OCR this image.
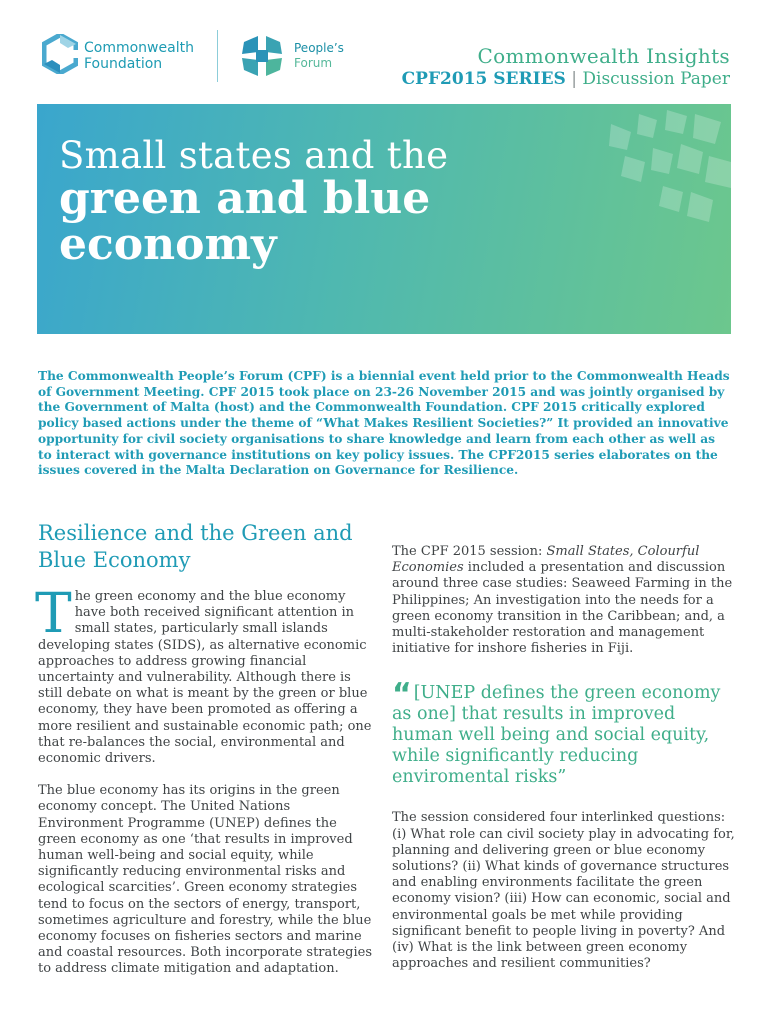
Commonwealth
Foundation
People’s
Forum	Commonwealth Insights
CPF2015 SERIES | Discussion Paper
Small states and the
green and blue
economy
The Commonwealth People’s Forum (CPF) is a biennial event held prior to the Commonwealth Heads of Government Meeting. CPF 2015 took place on 23-26 November 2015 and was jointly organised by the Government of Malta (host) and the Commonwealth Foundation. CPF 2015 critically explored policy based actions under the theme of “What Makes Resilient Societies?” It provided an innovative opportunity for civil society organisations to share knowledge and learn from each other as well as to interact with governance institutions on key policy issues. The CPF2015 series elaborates on the issues covered in the Malta Declaration on Governance for Resilience.
Resilience and the Green and Blue Economy

The green economy and the blue economy have both received significant attention in small states, particularly small islands developing states (SIDS), as alternative economic approaches to address growing financial uncertainty and vulnerability. Although there is still debate on what is meant by the green or blue economy, they have been promoted as offering a more resilient and sustainable economic path; one that re-balances the social, environmental and economic drivers.

The blue economy has its origins in the green economy concept. The United Nations Environment Programme (UNEP) defines the green economy as one ‘that results in improved human well-being and social equity, while significantly reducing environmental risks and ecological scarcities’. Green economy strategies tend to focus on the sectors of energy, transport, sometimes agriculture and forestry, while the blue economy focuses on fisheries sectors and marine and coastal resources. Both incorporate strategies to address climate mitigation and adaptation.

The CPF 2015 session: Small States, Colourful Economies included a presentation and discussion around three case studies: Seaweed Farming in the Philippines; An investigation into the needs for a green economy transition in the Caribbean; and, a multi-stakeholder restoration and management initiative for inshore fisheries in Fiji.

“ [UNEP defines the green economy as one] that results in improved human well being and social equity, while significantly reducing enviromental risks”

The session considered four interlinked questions: (i) What role can civil society play in advocating for, planning and delivering green or blue economy solutions? (ii) What kinds of governance structures and enabling environments facilitate the green economy vision? (iii) How can economic, social and environmental goals be met while providing significant benefit to people living in poverty? And (iv) What is the link between green economy approaches and resilient communities?
